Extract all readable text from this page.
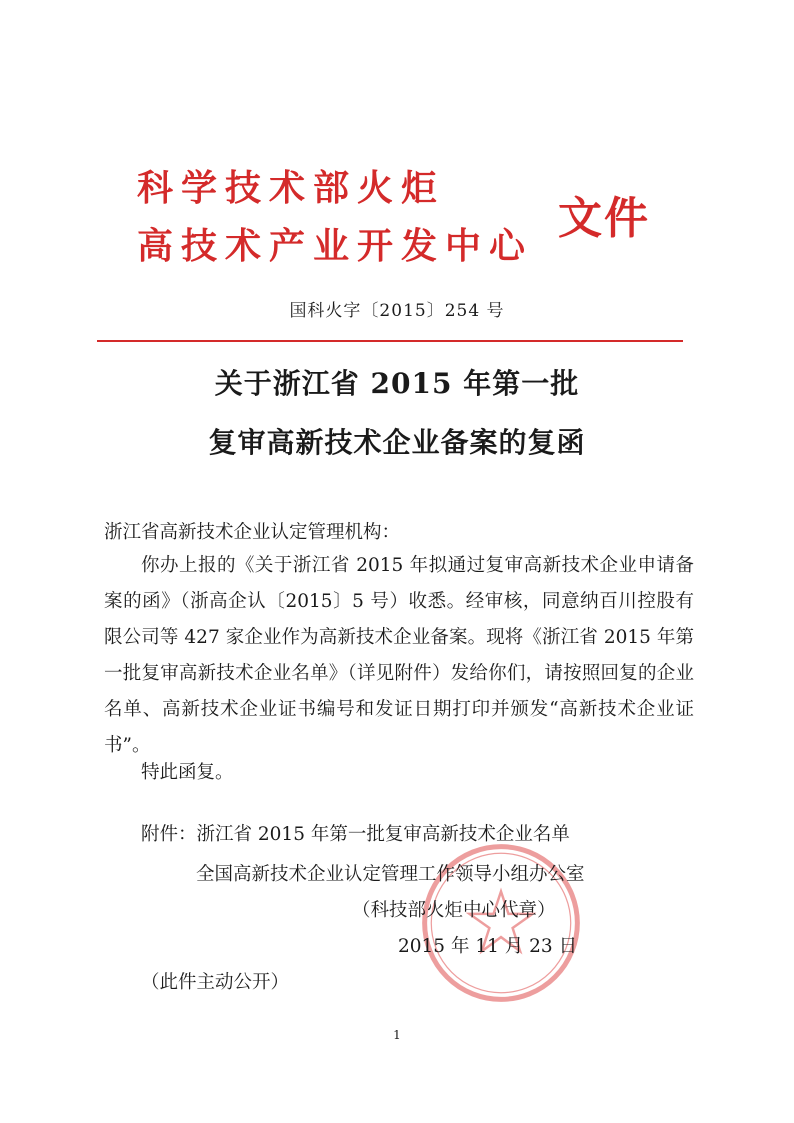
科学技术部火炬
高技术产业开发中心
文件
国科火字〔2015〕254 号
关于浙江省 2015 年第一批
复审高新技术企业备案的复函
浙江省高新技术企业认定管理机构：
你办上报的《关于浙江省 2015 年拟通过复审高新技术企业申请备案的函》（浙高企认〔2015〕5 号）收悉。经审核，同意纳百川控股有限公司等 427 家企业作为高新技术企业备案。现将《浙江省 2015 年第一批复审高新技术企业名单》（详见附件）发给你们，请按照回复的企业名单、高新技术企业证书编号和发证日期打印并颁发“高新技术企业证书”。
特此函复。
附件：浙江省 2015 年第一批复审高新技术企业名单
全国高新技术企业认定管理工作领导小组办公室
（科技部火炬中心代章）
2015 年 11 月 23 日
（此件主动公开）
1
